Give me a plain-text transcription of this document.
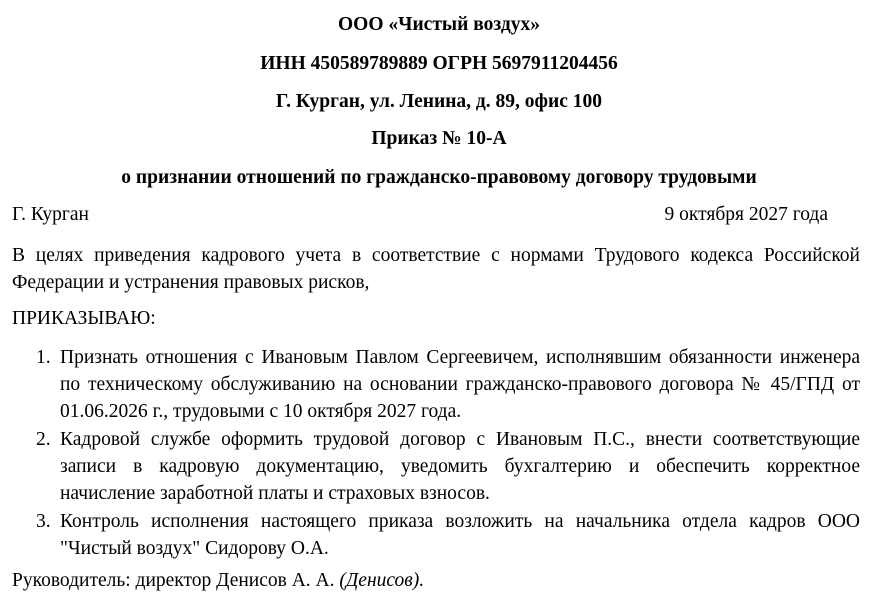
ООО «Чистый воздух»

ИНН 450589789889 ОГРН 5697911204456

Г. Курган, ул. Ленина, д. 89, офис 100

Приказ № 10-А

о признании отношений по гражданско-правовому договору трудовыми

Г. Курган	9 октября 2027 года

В целях приведения кадрового учета в соответствие с нормами Трудового кодекса Российской Федерации и устранения правовых рисков,

ПРИКАЗЫВАЮ:

1. Признать отношения с Ивановым Павлом Сергеевичем, исполнявшим обязанности инженера по техническому обслуживанию на основании гражданско-правового договора № 45/ГПД от 01.06.2026 г., трудовыми с 10 октября 2027 года.
2. Кадровой службе оформить трудовой договор с Ивановым П.С., внести соответствующие записи в кадровую документацию, уведомить бухгалтерию и обеспечить корректное начисление заработной платы и страховых взносов.
3. Контроль исполнения настоящего приказа возложить на начальника отдела кадров ООО "Чистый воздух" Сидорову О.А.

Руководитель: директор Денисов А. А. (Денисов).
